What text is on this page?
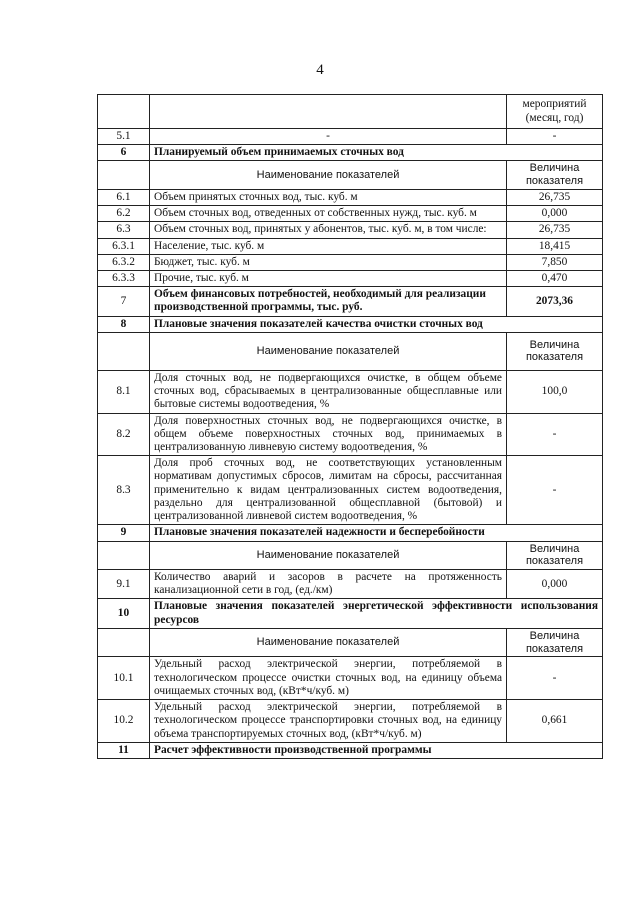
4
		мероприятий (месяц, год)
5.1	-	-
6	Планируемый объем принимаемых сточных вод	
	Наименование показателей	Величина показателя
6.1	Объем принятых сточных вод, тыс. куб. м	26,735
6.2	Объем сточных вод, отведенных от собственных нужд, тыс. куб. м	0,000
6.3	Объем сточных вод, принятых у абонентов, тыс. куб. м, в том числе:	26,735
6.3.1	Население, тыс. куб. м	18,415
6.3.2	Бюджет, тыс. куб. м	7,850
6.3.3	Прочие, тыс. куб. м	0,470
7	Объем финансовых потребностей, необходимый для реализации производственной программы, тыс. руб.	2073,36
8	Плановые значения показателей качества очистки сточных вод	
	Наименование показателей	Величина показателя
8.1	Доля сточных вод, не подвергающихся очистке, в общем объеме сточных вод, сбрасываемых в централизованные общесплавные или бытовые системы водоотведения, %	100,0
8.2	Доля поверхностных сточных вод, не подвергающихся очистке, в общем объеме поверхностных сточных вод, принимаемых в централизованную ливневую систему водоотведения, %	-
8.3	Доля проб сточных вод, не соответствующих установленным нормативам допустимых сбросов, лимитам на сбросы, рассчитанная применительно к видам централизованных систем водоотведения, раздельно для централизованной общесплавной (бытовой) и централизованной ливневой систем водоотведения, %	-
9	Плановые значения показателей надежности и бесперебойности	
	Наименование показателей	Величина показателя
9.1	Количество аварий и засоров в расчете на протяженность канализационной сети в год, (ед./км)	0,000
10	Плановые значения показателей энергетической эффективности использования ресурсов	
	Наименование показателей	Величина показателя
10.1	Удельный расход электрической энергии, потребляемой в технологическом процессе очистки сточных вод, на единицу объема очищаемых сточных вод, (кВт*ч/куб. м)	-
10.2	Удельный расход электрической энергии, потребляемой в технологическом процессе транспортировки сточных вод, на единицу объема транспортируемых сточных вод, (кВт*ч/куб. м)	0,661
11	Расчет эффективности производственной программы	
